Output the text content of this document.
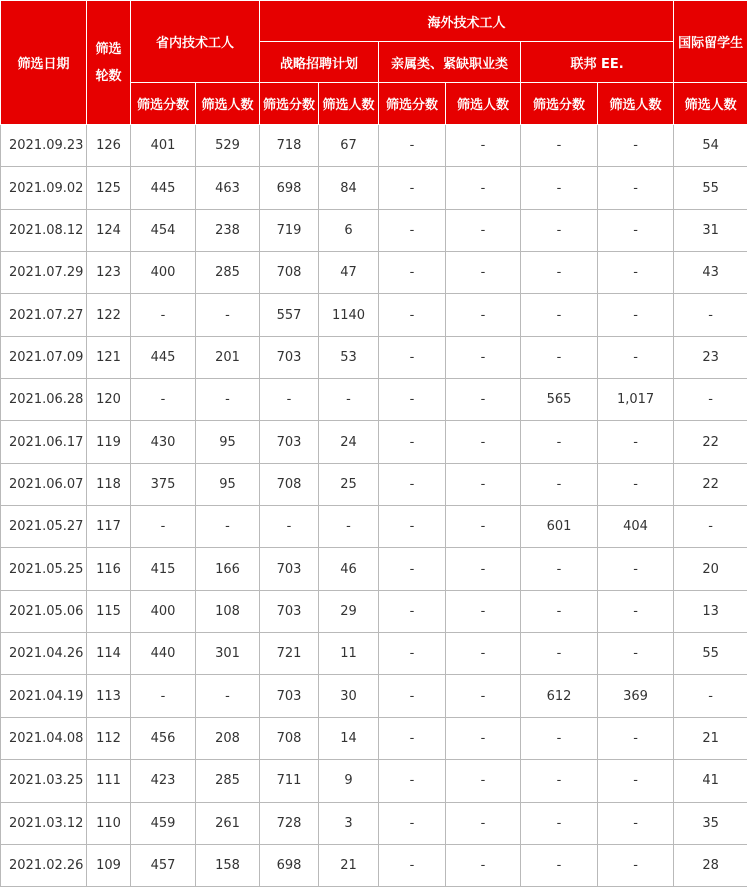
筛选日期	筛选轮数	省内技术工人		海外技术工人						国际留学生
				战略招聘计划		亲属类、紧缺职业类		联邦 EE.		
		筛选分数	筛选人数	筛选分数	筛选人数	筛选分数	筛选人数	筛选分数	筛选人数	筛选人数
2021.09.23	126	401	529	718	67	-	-	-	-	54
2021.09.02	125	445	463	698	84	-	-	-	-	55
2021.08.12	124	454	238	719	6	-	-	-	-	31
2021.07.29	123	400	285	708	47	-	-	-	-	43
2021.07.27	122	-	-	557	1140	-	-	-	-	-
2021.07.09	121	445	201	703	53	-	-	-	-	23
2021.06.28	120	-	-	-	-	-	-	565	1,017	-
2021.06.17	119	430	95	703	24	-	-	-	-	22
2021.06.07	118	375	95	708	25	-	-	-	-	22
2021.05.27	117	-	-	-	-	-	-	601	404	-
2021.05.25	116	415	166	703	46	-	-	-	-	20
2021.05.06	115	400	108	703	29	-	-	-	-	13
2021.04.26	114	440	301	721	11	-	-	-	-	55
2021.04.19	113	-	-	703	30	-	-	612	369	-
2021.04.08	112	456	208	708	14	-	-	-	-	21
2021.03.25	111	423	285	711	9	-	-	-	-	41
2021.03.12	110	459	261	728	3	-	-	-	-	35
2021.02.26	109	457	158	698	21	-	-	-	-	28
